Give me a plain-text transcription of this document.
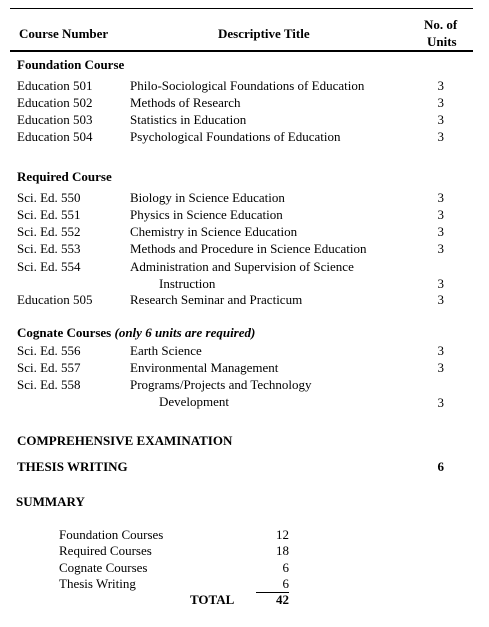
Course Number	Descriptive Title
No. of
Units
Foundation Course
Education 501	Philo-Sociological Foundations of Education	3
Education 502	Methods of Research	3
Education 503	Statistics in Education	3
Education 504	Psychological Foundations of Education	3
Required Course
Sci. Ed. 550	Biology in Science Education	3
Sci. Ed. 551	Physics in Science Education	3
Sci. Ed. 552	Chemistry in Science Education	3
Sci. Ed. 553	Methods and Procedure in Science Education	3
Sci. Ed. 554	Administration and Supervision of Science
Instruction	3
Education 505	Research Seminar and Practicum	3
Cognate Courses (only 6 units are required)
Sci. Ed. 556	Earth Science	3
Sci. Ed. 557	Environmental Management	3
Sci. Ed. 558	Programs/Projects and Technology
Development	3
COMPREHENSIVE EXAMINATION
THESIS WRITING	6
SUMMARY
Foundation Courses	12
Required Courses	18
Cognate Courses	6
Thesis Writing	6
TOTAL	42
